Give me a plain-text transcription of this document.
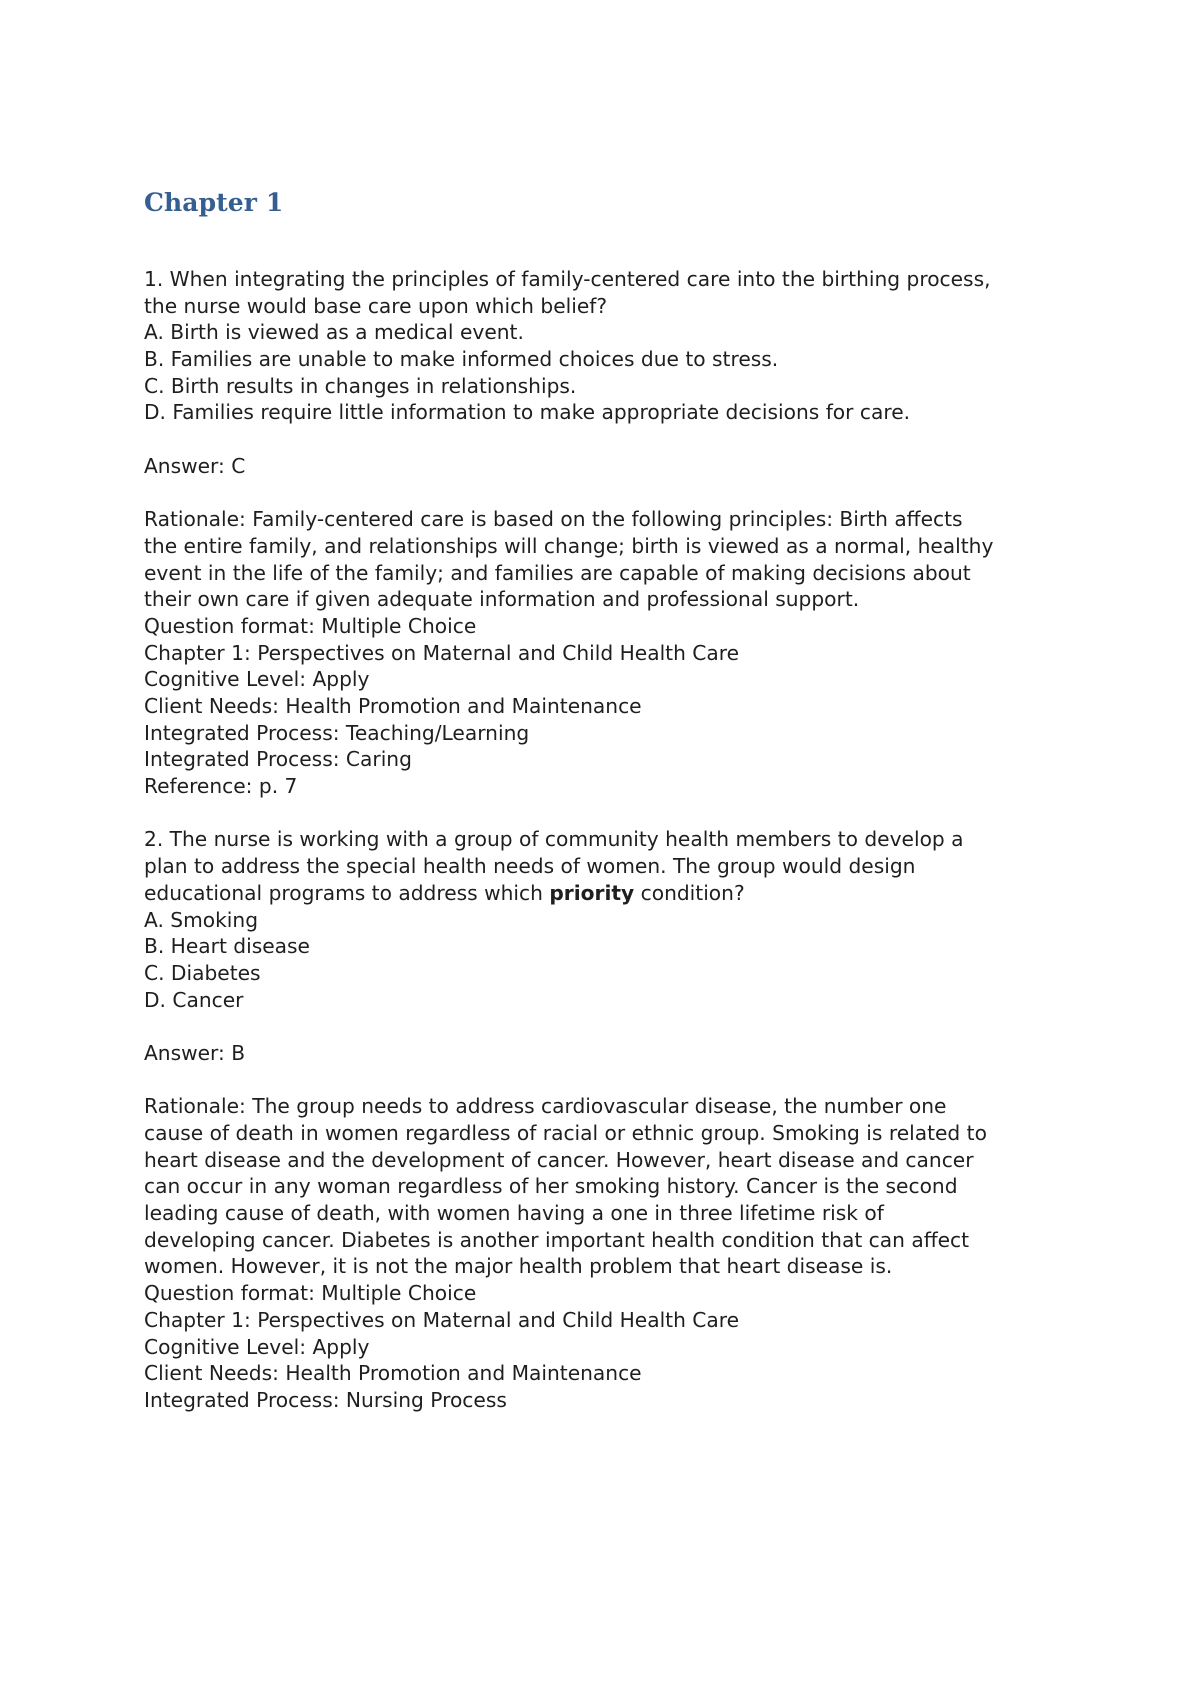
Chapter 1
1. When integrating the principles of family-centered care into the birthing process,
the nurse would base care upon which belief?
A. Birth is viewed as a medical event.
B. Families are unable to make informed choices due to stress.
C. Birth results in changes in relationships.
D. Families require little information to make appropriate decisions for care.
Answer: C
Rationale: Family-centered care is based on the following principles: Birth affects
the entire family, and relationships will change; birth is viewed as a normal, healthy
event in the life of the family; and families are capable of making decisions about
their own care if given adequate information and professional support.
Question format: Multiple Choice
Chapter 1: Perspectives on Maternal and Child Health Care
Cognitive Level: Apply
Client Needs: Health Promotion and Maintenance
Integrated Process: Teaching/Learning
Integrated Process: Caring
Reference: p. 7
2. The nurse is working with a group of community health members to develop a
plan to address the special health needs of women. The group would design
educational programs to address which priority condition?
A. Smoking
B. Heart disease
C. Diabetes
D. Cancer
Answer: B
Rationale: The group needs to address cardiovascular disease, the number one
cause of death in women regardless of racial or ethnic group. Smoking is related to
heart disease and the development of cancer. However, heart disease and cancer
can occur in any woman regardless of her smoking history. Cancer is the second
leading cause of death, with women having a one in three lifetime risk of
developing cancer. Diabetes is another important health condition that can affect
women. However, it is not the major health problem that heart disease is.
Question format: Multiple Choice
Chapter 1: Perspectives on Maternal and Child Health Care
Cognitive Level: Apply
Client Needs: Health Promotion and Maintenance
Integrated Process: Nursing Process
